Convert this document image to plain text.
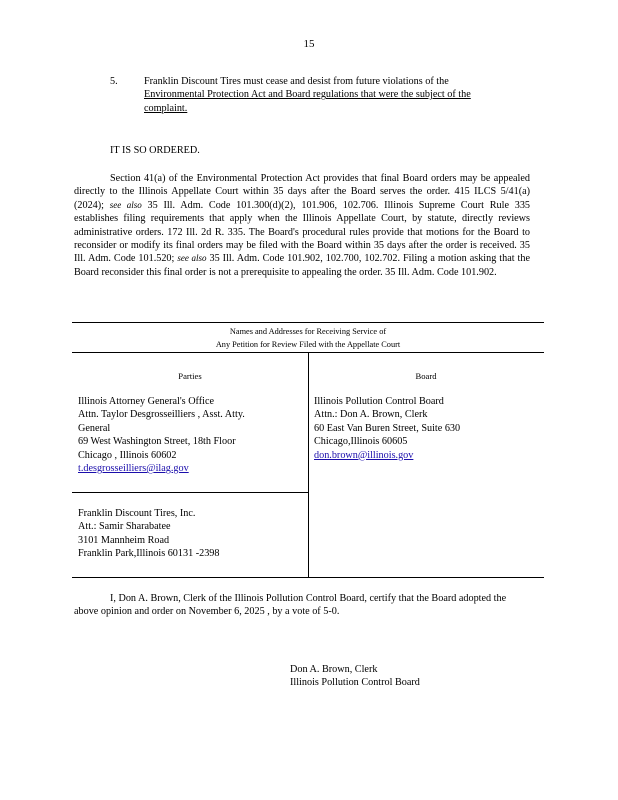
15
5.	Franklin Discount Tires must cease and desist from future violations of the
Environmental Protection Act and Board regulations that were the subject of the
complaint.
IT IS SO ORDERED.
Section 41(a) of the Environmental Protection Act provides that final Board orders may be appealed directly to the Illinois Appellate Court within 35 days after the Board serves the order. 415 ILCS 5/41(a) (2024); see also 35 Ill. Adm. Code 101.300(d)(2), 101.906, 102.706. Illinois Supreme Court Rule 335 establishes filing requirements that apply when the Illinois Appellate Court, by statute, directly reviews administrative orders. 172 Ill. 2d R. 335. The Board's procedural rules provide that motions for the Board to reconsider or modify its final orders may be filed with the Board within 35 days after the order is received. 35 Ill. Adm. Code 101.520; see also 35 Ill. Adm. Code 101.902, 102.700, 102.702. Filing a motion asking that the Board reconsider this final order is not a prerequisite to appealing the order. 35 Ill. Adm. Code 101.902.
Names and Addresses for Receiving Service of
Any Petition for Review Filed with the Appellate Court
Parties	Board
Illinois Attorney General's Office
Attn. Taylor Desgrosseilliers , Asst. Atty.
General
69 West Washington Street, 18th Floor
Chicago , Illinois 60602
t.desgrosseilliers@ilag.gov
Franklin Discount Tires, Inc.
Att.: Samir Sharabatee
3101 Mannheim Road
Franklin Park,Illinois 60131 -2398
Illinois Pollution Control Board
Attn.: Don A. Brown, Clerk
60 East Van Buren Street, Suite 630
Chicago,Illinois 60605
don.brown@illinois.gov
I, Don A. Brown, Clerk of the Illinois Pollution Control Board, certify that the Board adopted the above opinion and order on November 6, 2025 , by a vote of 5-0.
Don A. Brown, Clerk
Illinois Pollution Control Board
